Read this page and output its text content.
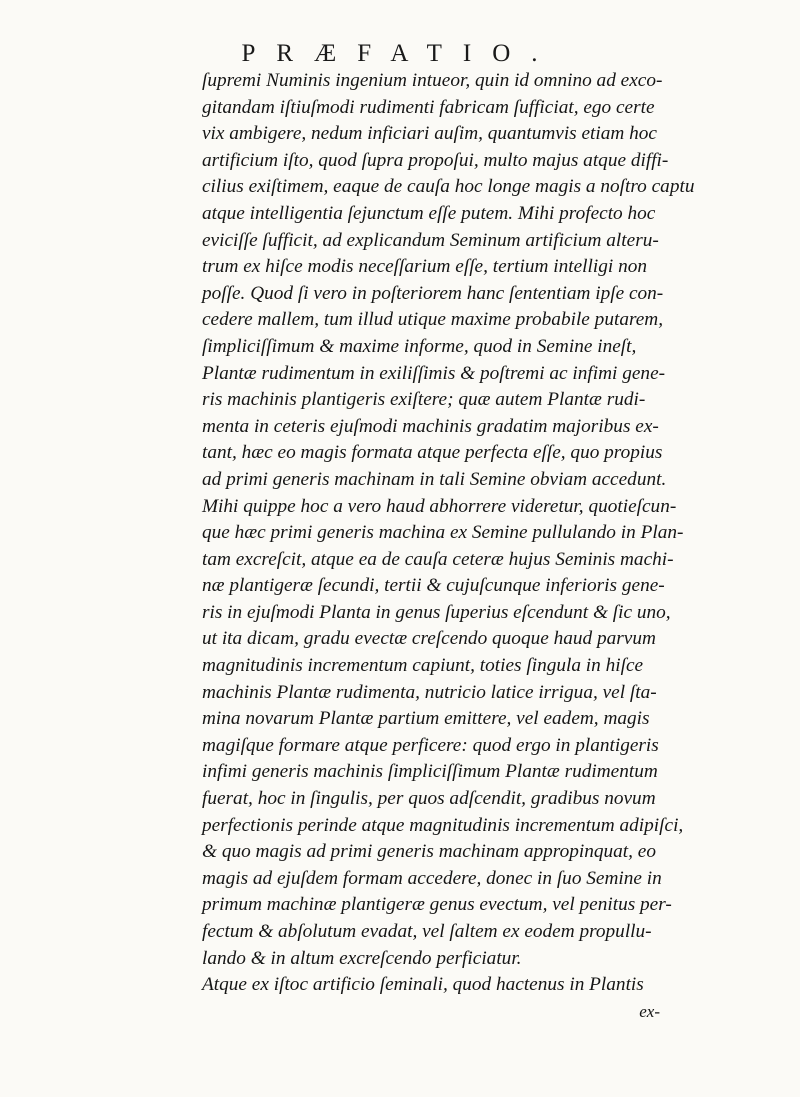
PRÆFATIO.
ſupremi Numinis ingenium intueor, quin id omnino ad exco-
gitandam iſtiuſmodi rudimenti fabricam ſufficiat, ego certe
vix ambigere, nedum inficiari auſim, quantumvis etiam hoc
artificium iſto, quod ſupra propoſui, multo majus atque diffi-
cilius exiſtimem, eaque de cauſa hoc longe magis a noſtro captu
atque intelligentia ſejunctum eſſe putem. Mihi profecto hoc
eviciſſe ſufficit, ad explicandum Seminum artificium alteru-
trum ex hiſce modis neceſſarium eſſe, tertium intelligi non
poſſe. Quod ſi vero in poſteriorem hanc ſententiam ipſe con-
cedere mallem, tum illud utique maxime probabile putarem,
ſimpliciſſimum & maxime informe, quod in Semine ineſt,
Plantæ rudimentum in exiliſſimis & poſtremi ac infimi gene-
ris machinis plantigeris exiſtere; quæ autem Plantæ rudi-
menta in ceteris ejuſmodi machinis gradatim majoribus ex-
tant, hæc eo magis formata atque perfecta eſſe, quo propius
ad primi generis machinam in tali Semine obviam accedunt.
Mihi quippe hoc a vero haud abhorrere videretur, quotieſcun-
que hæc primi generis machina ex Semine pullulando in Plan-
tam excreſcit, atque ea de cauſa ceteræ hujus Seminis machi-
næ plantigeræ ſecundi, tertii & cujuſcunque inferioris gene-
ris in ejuſmodi Planta in genus ſuperius eſcendunt & ſic uno,
ut ita dicam, gradu evectæ creſcendo quoque haud parvum
magnitudinis incrementum capiunt, toties ſingula in hiſce
machinis Plantæ rudimenta, nutricio latice irrigua, vel ſta-
mina novarum Plantæ partium emittere, vel eadem, magis
magiſque formare atque perficere: quod ergo in plantigeris
infimi generis machinis ſimpliciſſimum Plantæ rudimentum
fuerat, hoc in ſingulis, per quos adſcendit, gradibus novum
perfectionis perinde atque magnitudinis incrementum adipiſci,
& quo magis ad primi generis machinam appropinquat, eo
magis ad ejuſdem formam accedere, donec in ſuo Semine in
primum machinæ plantigeræ genus evectum, vel penitus per-
fectum & abſolutum evadat, vel ſaltem ex eodem propullu-
lando & in altum excreſcendo perficiatur.
Atque ex iſtoc artificio ſeminali, quod hactenus in Plantis
ex-
